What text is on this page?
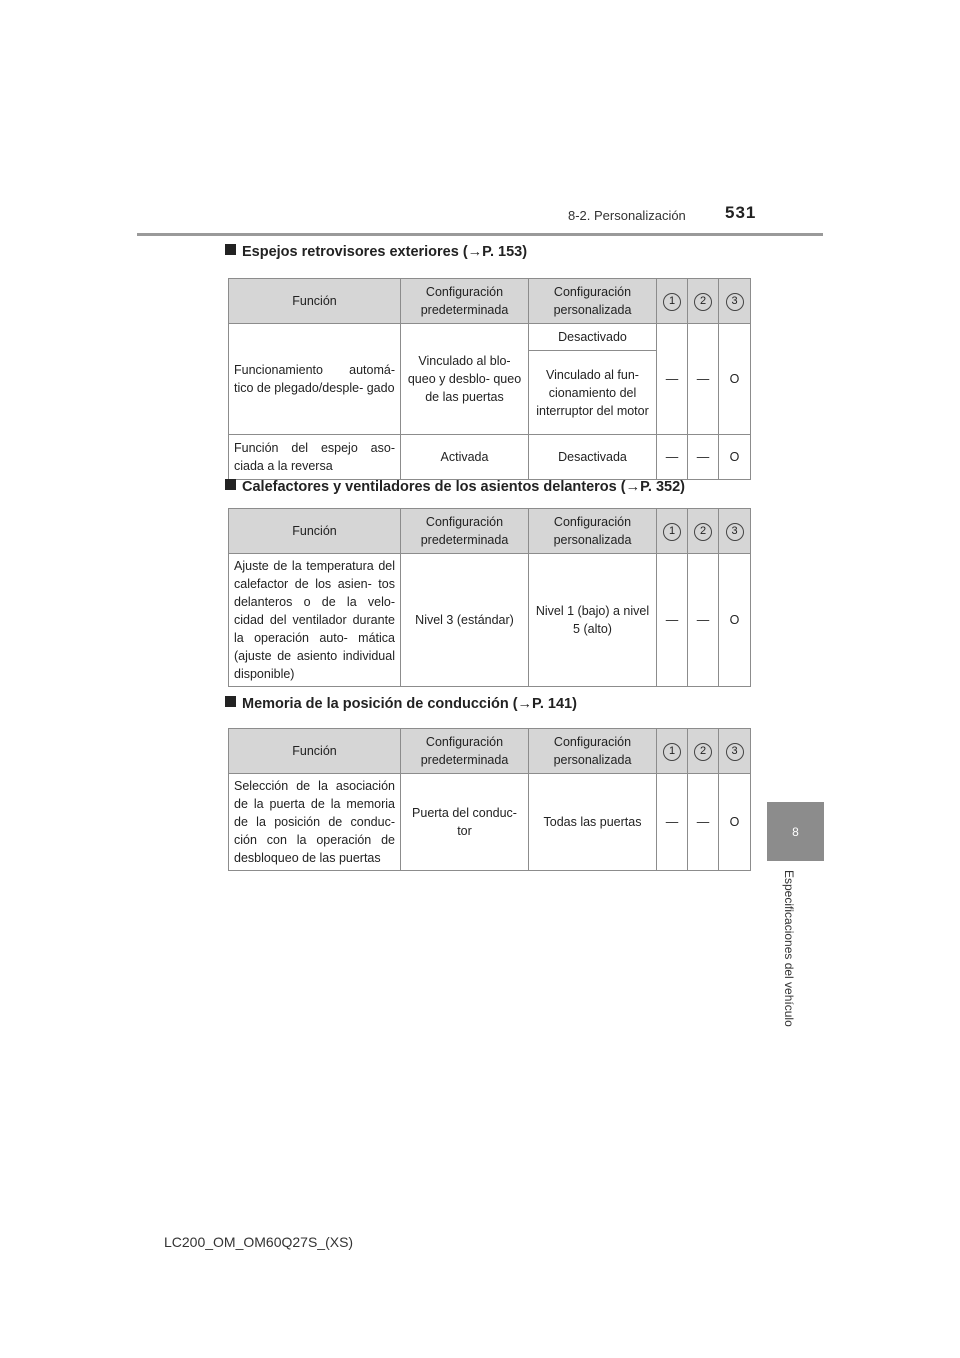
8-2. Personalización 531
8
Especificaciones del vehículo
Espejos retrovisores exteriores (→P. 153)
Función	Configuración predeterminada	Configuración personalizada	1	2	3
Funcionamiento automá- tico de plegado/desple- gado	Vinculado al blo- queo y desblo- queo de las puertas	Desactivado	—	—	O
		Vinculado al fun- cionamiento del interruptor del motor			
Función del espejo aso- ciada a la reversa	Activada	Desactivada	—	—	O
Calefactores y ventiladores de los asientos delanteros (→P. 352)
Función	Configuración predeterminada	Configuración personalizada	1	2	3
Ajuste de la temperatura del calefactor de los asien- tos delanteros o de la velo- cidad del ventilador durante la operación auto- mática (ajuste de asiento individual disponible)	Nivel 3 (estándar)	Nivel 1 (bajo) a nivel 5 (alto)	—	—	O
Memoria de la posición de conducción (→P. 141)
Función	Configuración predeterminada	Configuración personalizada	1	2	3
Selección de la asociación de la puerta de la memoria de la posición de conduc- ción con la operación de desbloqueo de las puertas	Puerta del conduc- tor	Todas las puertas	—	—	O
LC200_OM_OM60Q27S_(XS)
